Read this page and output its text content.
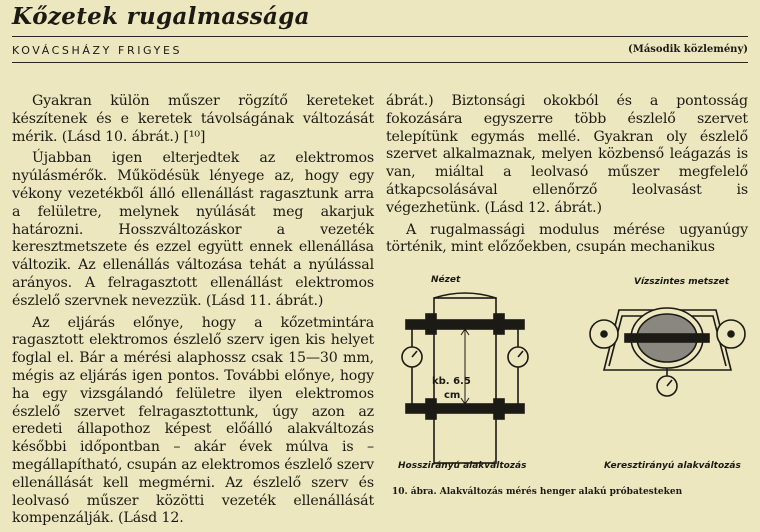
Kőzetek rugalmassága
KOVÁCSHÁZY FRIGYES	(Második közlemény)

Gyakran külön műszer rögzítő kereteket készítenek és e keretek távolságának változását mérik. (Lásd 10. ábrát.) [¹⁰]

Újabban igen elterjedtek az elektromos nyúlásmérők. Működésük lényege az, hogy egy vékony vezetékből álló ellenállást ragasztunk arra a felületre, melynek nyúlását meg akarjuk határozni. Hosszváltozáskor a vezeték keresztmetszete és ezzel együtt ennek ellenállása változik. Az ellenállás változása tehát a nyúlással arányos. A felragasztott ellenállást elektromos észlelő szervnek nevezzük. (Lásd 11. ábrát.)

Az eljárás előnye, hogy a kőzetmintára ragasztott elektromos észlelő szerv igen kis helyet foglal el. Bár a mérési alaphossz csak 15—30 mm, mégis az eljárás igen pontos. További előnye, hogy ha egy vizsgálandó felületre ilyen elektromos észlelő szervet felragasztottunk, úgy azon az eredeti állapothoz képest előálló alakváltozás későbbi időpontban – akár évek múlva is – megállapítható, csupán az elektromos észlelő szerv ellenállását kell megmérni. Az észlelő szerv és leolvasó műszer közötti vezeték ellenállását kompenzálják. (Lásd 12.

ábrát.) Biztonsági okokból és a pontosság fokozására egyszerre több észlelő szervet telepítünk egymás mellé. Gyakran oly észlelő szervet alkalmaznak, melyen közbenső leágazás is van, miáltal a leolvasó műszer megfelelő átkapcsolásával ellenőrző leolvasást is végezhetünk. (Lásd 12. ábrát.)

A rugalmassági modulus mérése ugyanúgy történik, mint előzőekben, csupán mechanikus

Nézet	Vízszintes metszet
kb. 6.5
cm
Hosszirányú alakváltozás	Keresztirányú alakváltozás
10. ábra. Alakváltozás mérés henger alakú próbatesteken
